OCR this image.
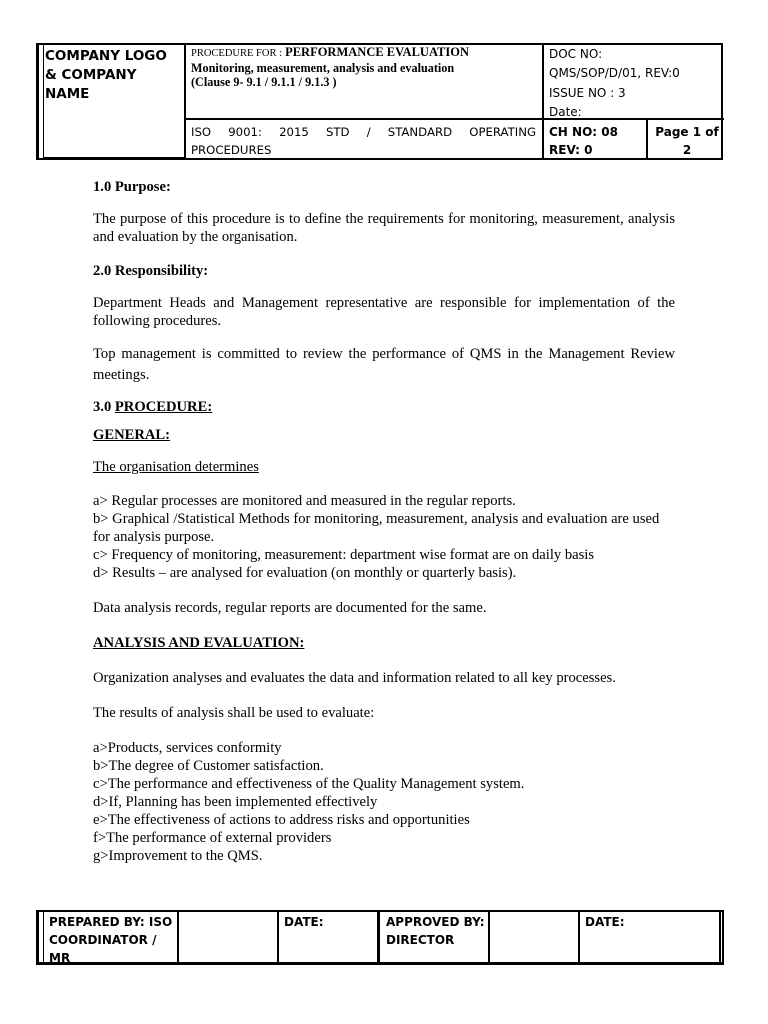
COMPANY LOGO
& COMPANY
NAME
PROCEDURE FOR : PERFORMANCE EVALUATION
Monitoring, measurement, analysis and evaluation
(Clause 9- 9.1 / 9.1.1 / 9.1.3 )
ISO 9001: 2015 STD / STANDARD OPERATING
PROCEDURES
DOC NO:
QMS/SOP/D/01, REV:0
ISSUE NO : 3
Date:
CH NO: 08
REV: 0
Page 1 of 2

1.0 Purpose:

The purpose of this procedure is to define the requirements for monitoring, measurement, analysis and evaluation by the organisation.

2.0 Responsibility:

Department Heads and Management representative are responsible for implementation of the following procedures.

Top management is committed to review the performance of QMS in the Management Review meetings.

3.0 PROCEDURE:

GENERAL:

The organisation determines

a> Regular processes are monitored and measured in the regular reports.

b> Graphical /Statistical Methods for monitoring, measurement, analysis and evaluation are used for analysis purpose.

c> Frequency of monitoring, measurement: department wise format are on daily basis

d> Results – are analysed for evaluation (on monthly or quarterly basis).

Data analysis records, regular reports are documented for the same.

ANALYSIS AND EVALUATION:

Organization analyses and evaluates the data and information related to all key processes.

The results of analysis shall be used to evaluate:

a>Products, services conformity

b>The degree of Customer satisfaction.

c>The performance and effectiveness of the Quality Management system.

d>If, Planning has been implemented effectively

e>The effectiveness of actions to address risks and opportunities

f>The performance of external providers

g>Improvement to the QMS.

PREPARED BY: ISO
COORDINATOR / MR
DATE:	APPROVED BY:
DIRECTOR
DATE:
